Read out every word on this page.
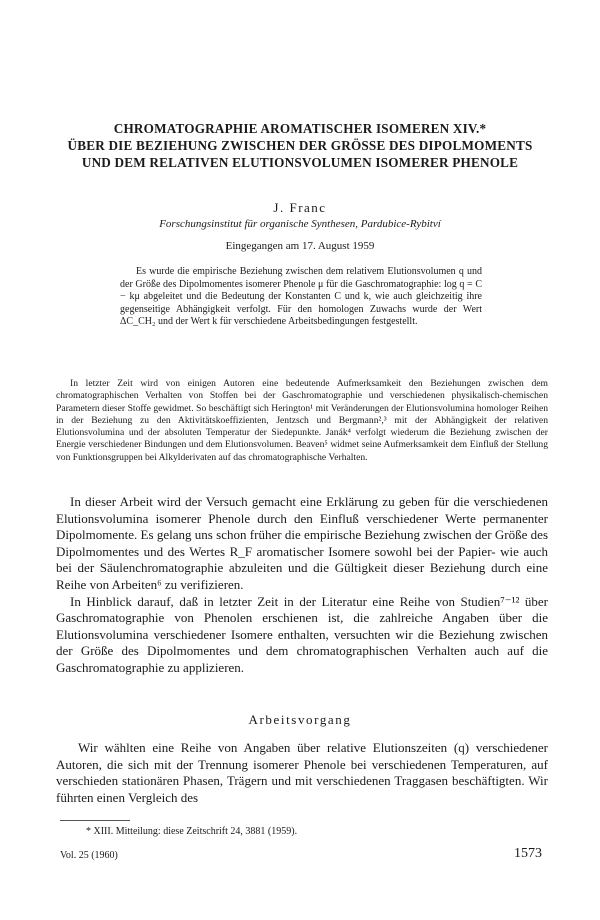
CHROMATOGRAPHIE AROMATISCHER ISOMEREN XIV.*
ÜBER DIE BEZIEHUNG ZWISCHEN DER GRÖSSE DES DIPOLMOMENTS
UND DEM RELATIVEN ELUTIONSVOLUMEN ISOMERER PHENOLE
J. Franc
Forschungsinstitut für organische Synthesen, Pardubice-Rybitví
Eingegangen am 17. August 1959

Es wurde die empirische Beziehung zwischen dem relativem Elutionsvolumen q und der Größe des Dipolmomentes isomerer Phenole μ für die Gaschromatographie: log q = C − kμ abgeleitet und die Bedeutung der Konstanten C und k, wie auch gleichzeitig ihre gegenseitige Abhängigkeit verfolgt. Für den homologen Zuwachs wurde der Wert ΔC_CH₂ und der Wert k für verschiedene Arbeitsbedingungen festgestellt.

In letzter Zeit wird von einigen Autoren eine bedeutende Aufmerksamkeit den Beziehungen zwischen dem chromatographischen Verhalten von Stoffen bei der Gaschromatographie und verschiedenen physikalisch-chemischen Parametern dieser Stoffe gewidmet. So beschäftigt sich Herington¹ mit Veränderungen der Elutionsvolumina homologer Reihen in der Beziehung zu den Aktivitätskoeffizienten, Jentzsch und Bergmann²,³ mit der Abhängigkeit der relativen Elutionsvolumina und der absoluten Temperatur der Siedepunkte. Janák⁴ verfolgt wiederum die Beziehung zwischen der Energie verschiedener Bindungen und dem Elutionsvolumen. Beaven⁵ widmet seine Aufmerksamkeit dem Einfluß der Stellung von Funktionsgruppen bei Alkylderivaten auf das chromatographische Verhalten.

In dieser Arbeit wird der Versuch gemacht eine Erklärung zu geben für die verschiedenen Elutionsvolumina isomerer Phenole durch den Einfluß verschiedener Werte permanenter Dipolmomente. Es gelang uns schon früher die empirische Beziehung zwischen der Größe des Dipolmomentes und des Wertes R_F aromatischer Isomere sowohl bei der Papier- wie auch bei der Säulenchromatographie abzuleiten und die Gültigkeit dieser Beziehung durch eine Reihe von Arbeiten⁶ zu verifizieren.

In Hinblick darauf, daß in letzter Zeit in der Literatur eine Reihe von Studien⁷⁻¹² über Gaschromatographie von Phenolen erschienen ist, die zahlreiche Angaben über die Elutionsvolumina verschiedener Isomere enthalten, versuchten wir die Beziehung zwischen der Größe des Dipolmomentes und dem chromatographischen Verhalten auch auf die Gaschromatographie zu applizieren.

Arbeitsvorgang

Wir wählten eine Reihe von Angaben über relative Elutionszeiten (q) verschiedener Autoren, die sich mit der Trennung isomerer Phenole bei verschiedenen Temperaturen, auf verschieden stationären Phasen, Trägern und mit verschiedenen Traggasen beschäftigten. Wir führten einen Vergleich des

* XIII. Mitteilung: diese Zeitschrift 24, 3881 (1959).
Vol. 25 (1960)	1573
